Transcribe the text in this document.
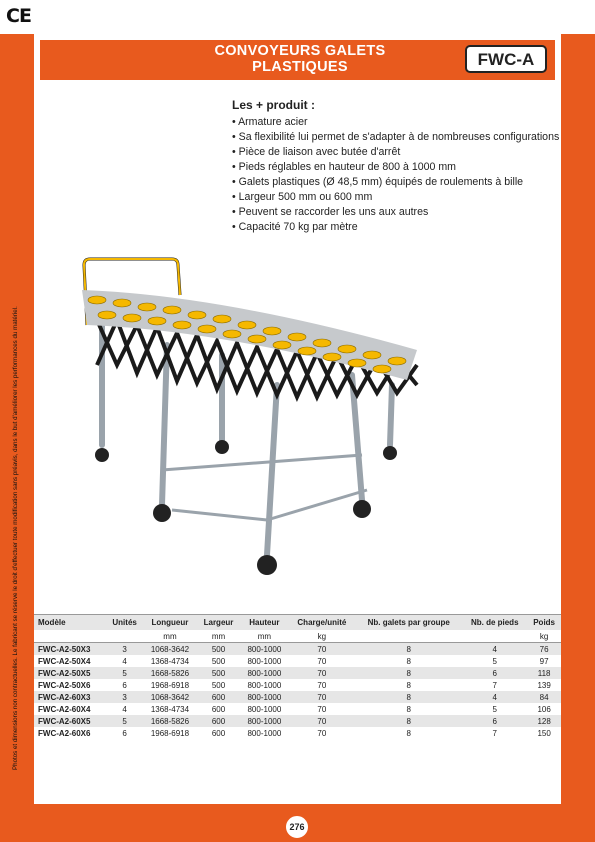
CE
CONVOYEURS GALETS
PLASTIQUES	FWC-A
Les + produit :
• Armature acier
• Sa flexibilité lui permet de s'adapter à de nombreuses configurations
• Pièce de liaison avec butée d'arrêt
• Pieds réglables en hauteur de 800 à 1000 mm
• Galets plastiques (Ø 48,5 mm) équipés de roulements à bille
• Largeur 500 mm ou 600 mm
• Peuvent se raccorder les uns aux autres
• Capacité 70 kg par mètre
Photos et dimensions non contractuelles. Le fabricant se réserve le droit d'effectuer toute modification sans préavis, dans le but d'améliorer les performances du matériel. Modèle	Unités	Longueur	Largeur	Hauteur	Charge/unité	Nb. galets par groupe	Nb. de pieds	Poids
		mm	mm	mm	kg			kg
FWC-A2-50X3	3	1068-3642	500	800-1000	70	8	4	76
FWC-A2-50X4	4	1368-4734	500	800-1000	70	8	5	97
FWC-A2-50X5	5	1668-5826	500	800-1000	70	8	6	118
FWC-A2-50X6	6	1968-6918	500	800-1000	70	8	7	139
FWC-A2-60X3	3	1068-3642	600	800-1000	70	8	4	84
FWC-A2-60X4	4	1368-4734	600	800-1000	70	8	5	106
FWC-A2-60X5	5	1668-5826	600	800-1000	70	8	6	128
FWC-A2-60X6	6	1968-6918	600	800-1000	70	8	7	150
276
